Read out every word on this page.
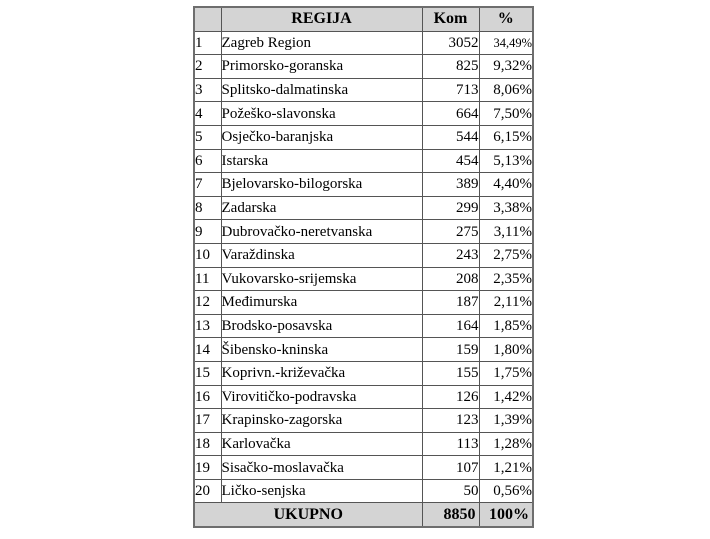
	REGIJA	Kom	%
1	Zagreb Region	3052	34,49%
2	Primorsko-goranska	825	9,32%
3	Splitsko-dalmatinska	713	8,06%
4	Požeško-slavonska	664	7,50%
5	Osječko-baranjska	544	6,15%
6	Istarska	454	5,13%
7	Bjelovarsko-bilogorska	389	4,40%
8	Zadarska	299	3,38%
9	Dubrovačko-neretvanska	275	3,11%
10	Varaždinska	243	2,75%
11	Vukovarsko-srijemska	208	2,35%
12	Međimurska	187	2,11%
13	Brodsko-posavska	164	1,85%
14	Šibensko-kninska	159	1,80%
15	Koprivn.-križevačka	155	1,75%
16	Virovitičko-podravska	126	1,42%
17	Krapinsko-zagorska	123	1,39%
18	Karlovačka	113	1,28%
19	Sisačko-moslavačka	107	1,21%
20	Ličko-senjska	50	0,56%
UKUPNO		8850	100%
